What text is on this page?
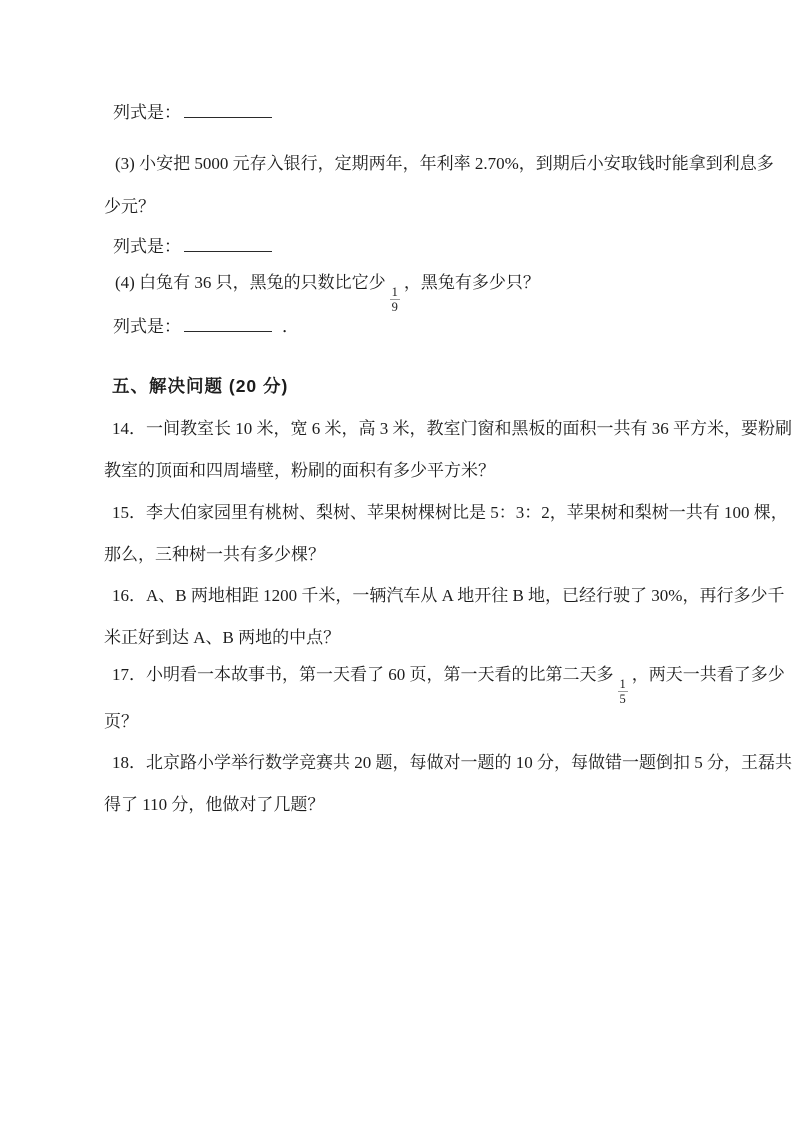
列式是：
(3) 小安把 5000 元存入银行，定期两年，年利率 2.70%，到期后小安取钱时能拿到利息多
少元？
列式是：
(4) 白兔有 36 只，黑兔的只数比它少
$\frac{1}{9}$
，黑兔有多少只？
列式是：	．
五、解决问题 (20 分)
14．一间教室长 10 米，宽 6 米，高 3 米，教室门窗和黑板的面积一共有 36 平方米，要粉刷
教室的顶面和四周墙壁，粉刷的面积有多少平方米？
15．李大伯家园里有桃树、梨树、苹果树棵树比是 5：3：2，苹果树和梨树一共有 100 棵，
那么，三种树一共有多少棵？
16．A、B 两地相距 1200 千米，一辆汽车从 A 地开往 B 地，已经行驶了 30%，再行多少千
米正好到达 A、B 两地的中点？
17．小明看一本故事书，第一天看了 60 页，第一天看的比第二天多
$\frac{1}{5}$
，两天一共看了多少
页？
18．北京路小学举行数学竞赛共 20 题，每做对一题的 10 分，每做错一题倒扣 5 分，王磊共
得了 110 分，他做对了几题？
